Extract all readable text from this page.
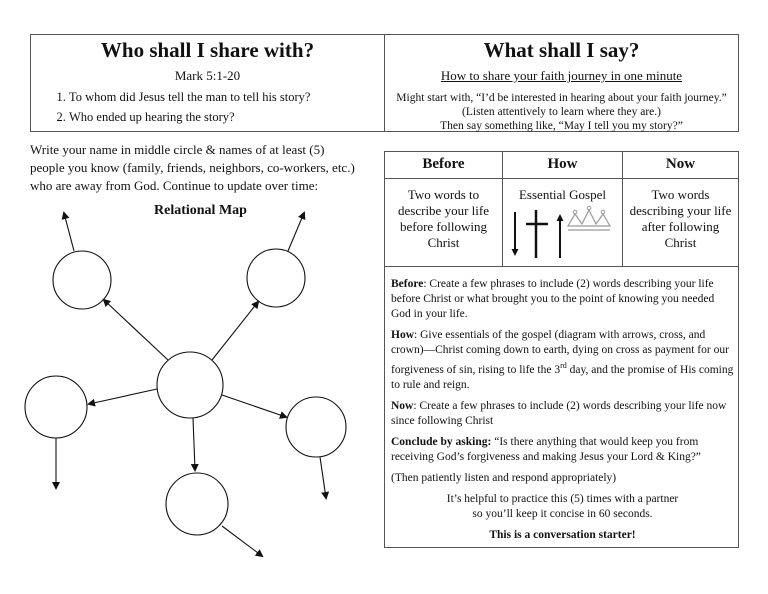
Who shall I share with?
Mark 5:1-20
1. To whom did Jesus tell the man to tell his story?
2. Who ended up hearing the story?
What shall I say?
How to share your faith journey in one minute
Might start with, “I’d be interested in hearing about your faith journey.”
(Listen attentively to learn where they are.)
Then say something like, “May I tell you my story?”
Write your name in middle circle & names of at least (5)
people you know (family, friends, neighbors, co-workers, etc.)
who are away from God. Continue to update over time:
Relational Map
Before
Two words to describe your life before following Christ
How
Essential Gospel
Now
Two words describing your life after following Christ

Before: Create a few phrases to include (2) words describing your life before Christ or what brought you to the point of knowing you needed God in your life.

How: Give essentials of the gospel (diagram with arrows, cross, and crown)—Christ coming down to earth, dying on cross as payment for our forgiveness of sin, rising to life the 3rd day, and the promise of His coming to rule and reign.

Now: Create a few phrases to include (2) words describing your life now since following Christ

Conclude by asking: “Is there anything that would keep you from receiving God’s forgiveness and making Jesus your Lord & King?”

(Then patiently listen and respond appropriately)

It’s helpful to practice this (5) times with a partner
so you’ll keep it concise in 60 seconds.
This is a conversation starter!
